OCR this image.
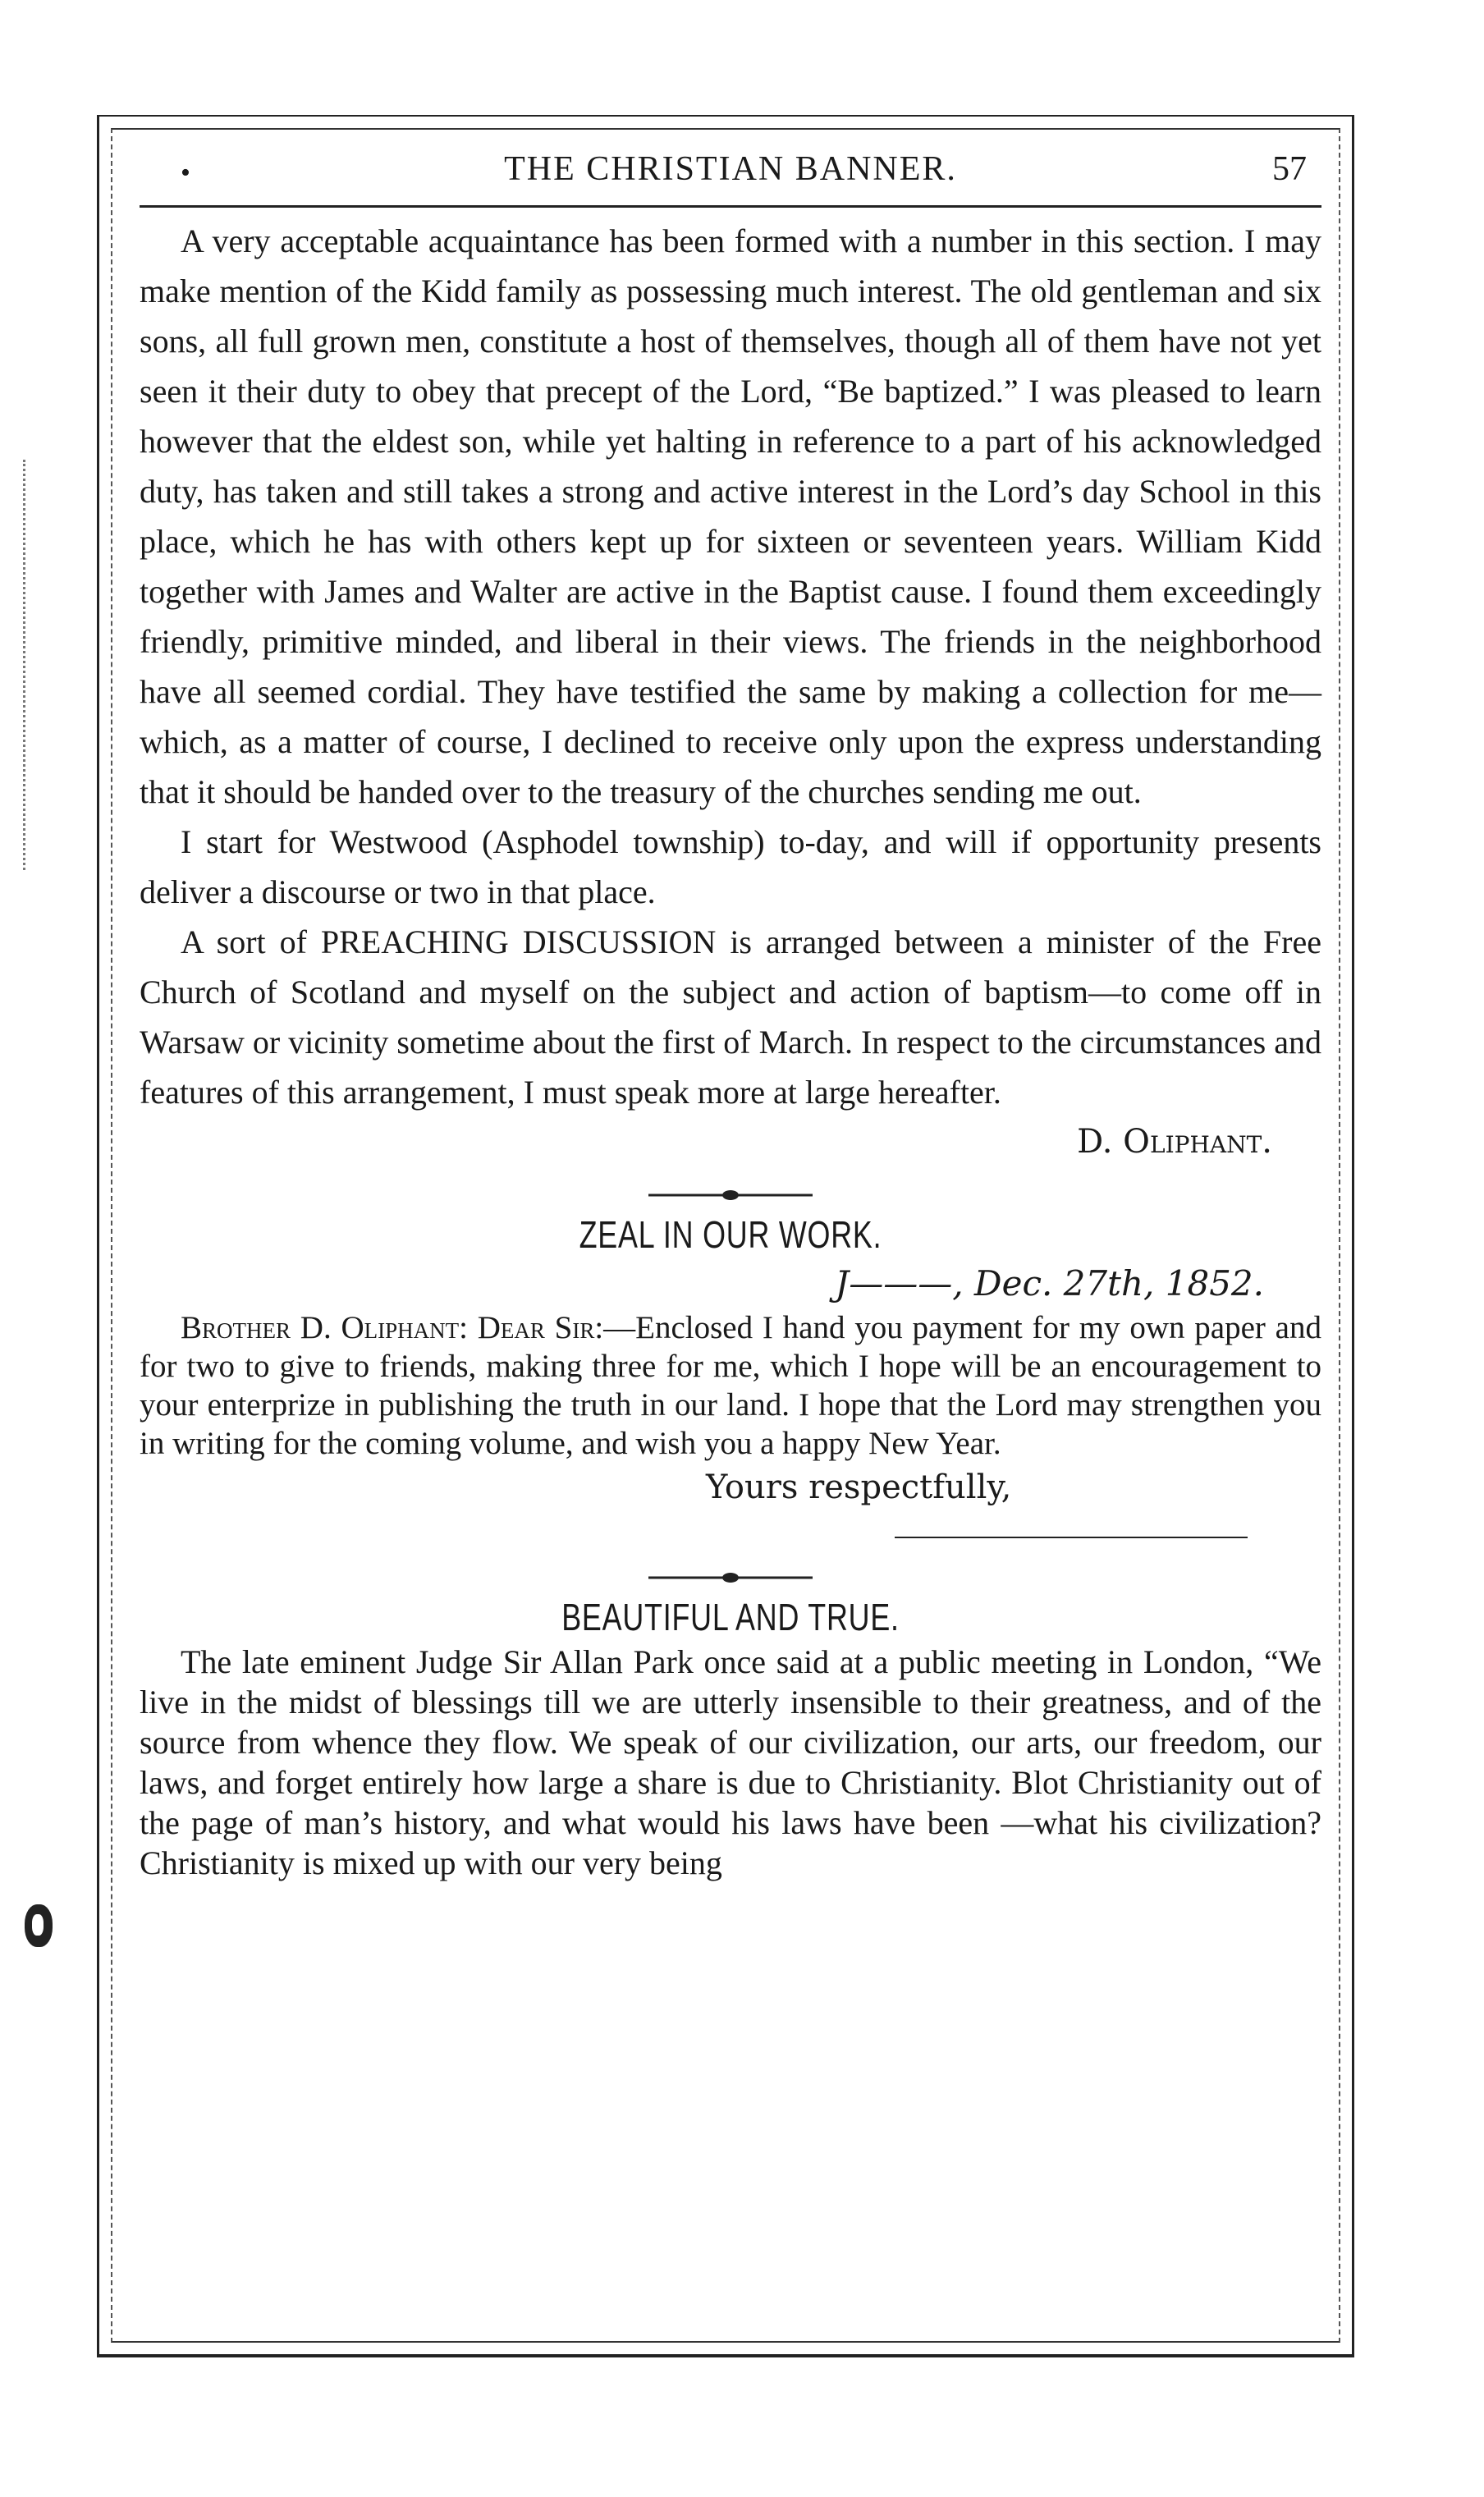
•	THE CHRISTIAN BANNER.	57

A very acceptable acquaintance has been formed with a number in this section. I may make mention of the Kidd family as possessing much interest. The old gentleman and six sons, all full grown men, constitute a host of themselves, though all of them have not yet seen it their duty to obey that precept of the Lord, “Be baptized.” I was pleased to learn however that the eldest son, while yet halting in reference to a part of his acknowledged duty, has taken and still takes a strong and active interest in the Lord’s day School in this place, which he has with others kept up for sixteen or seventeen years. William Kidd together with James and Walter are active in the Baptist cause. I found them exceedingly friendly, primitive minded, and liberal in their views. The friends in the neighborhood have all seemed cordial. They have testified the same by making a collection for me—which, as a matter of course, I declined to receive only upon the express understanding that it should be handed over to the treasury of the churches sending me out.

I start for Westwood (Asphodel township) to-day, and will if opportunity presents deliver a discourse or two in that place.

A sort of PREACHING DISCUSSION is arranged between a minister of the Free Church of Scotland and myself on the subject and action of baptism—to come off in Warsaw or vicinity sometime about the first of March. In respect to the circumstances and features of this arrangement, I must speak more at large hereafter.

D. Oliphant.
ZEAL IN OUR WORK.
J———, Dec. 27th, 1852.

Brother D. Oliphant: Dear Sir:—Enclosed I hand you payment for my own paper and for two to give to friends, making three for me, which I hope will be an encouragement to your enterprize in publishing the truth in our land. I hope that the Lord may strengthen you in writing for the coming volume, and wish you a happy New Year.

Yours respectfully,
BEAUTIFUL AND TRUE.

The late eminent Judge Sir Allan Park once said at a public meeting in London, “We live in the midst of blessings till we are utterly insensible to their greatness, and of the source from whence they flow. We speak of our civilization, our arts, our freedom, our laws, and forget entirely how large a share is due to Christianity. Blot Christianity out of the page of man’s history, and what would his laws have been —what his civilization? Christianity is mixed up with our very being
